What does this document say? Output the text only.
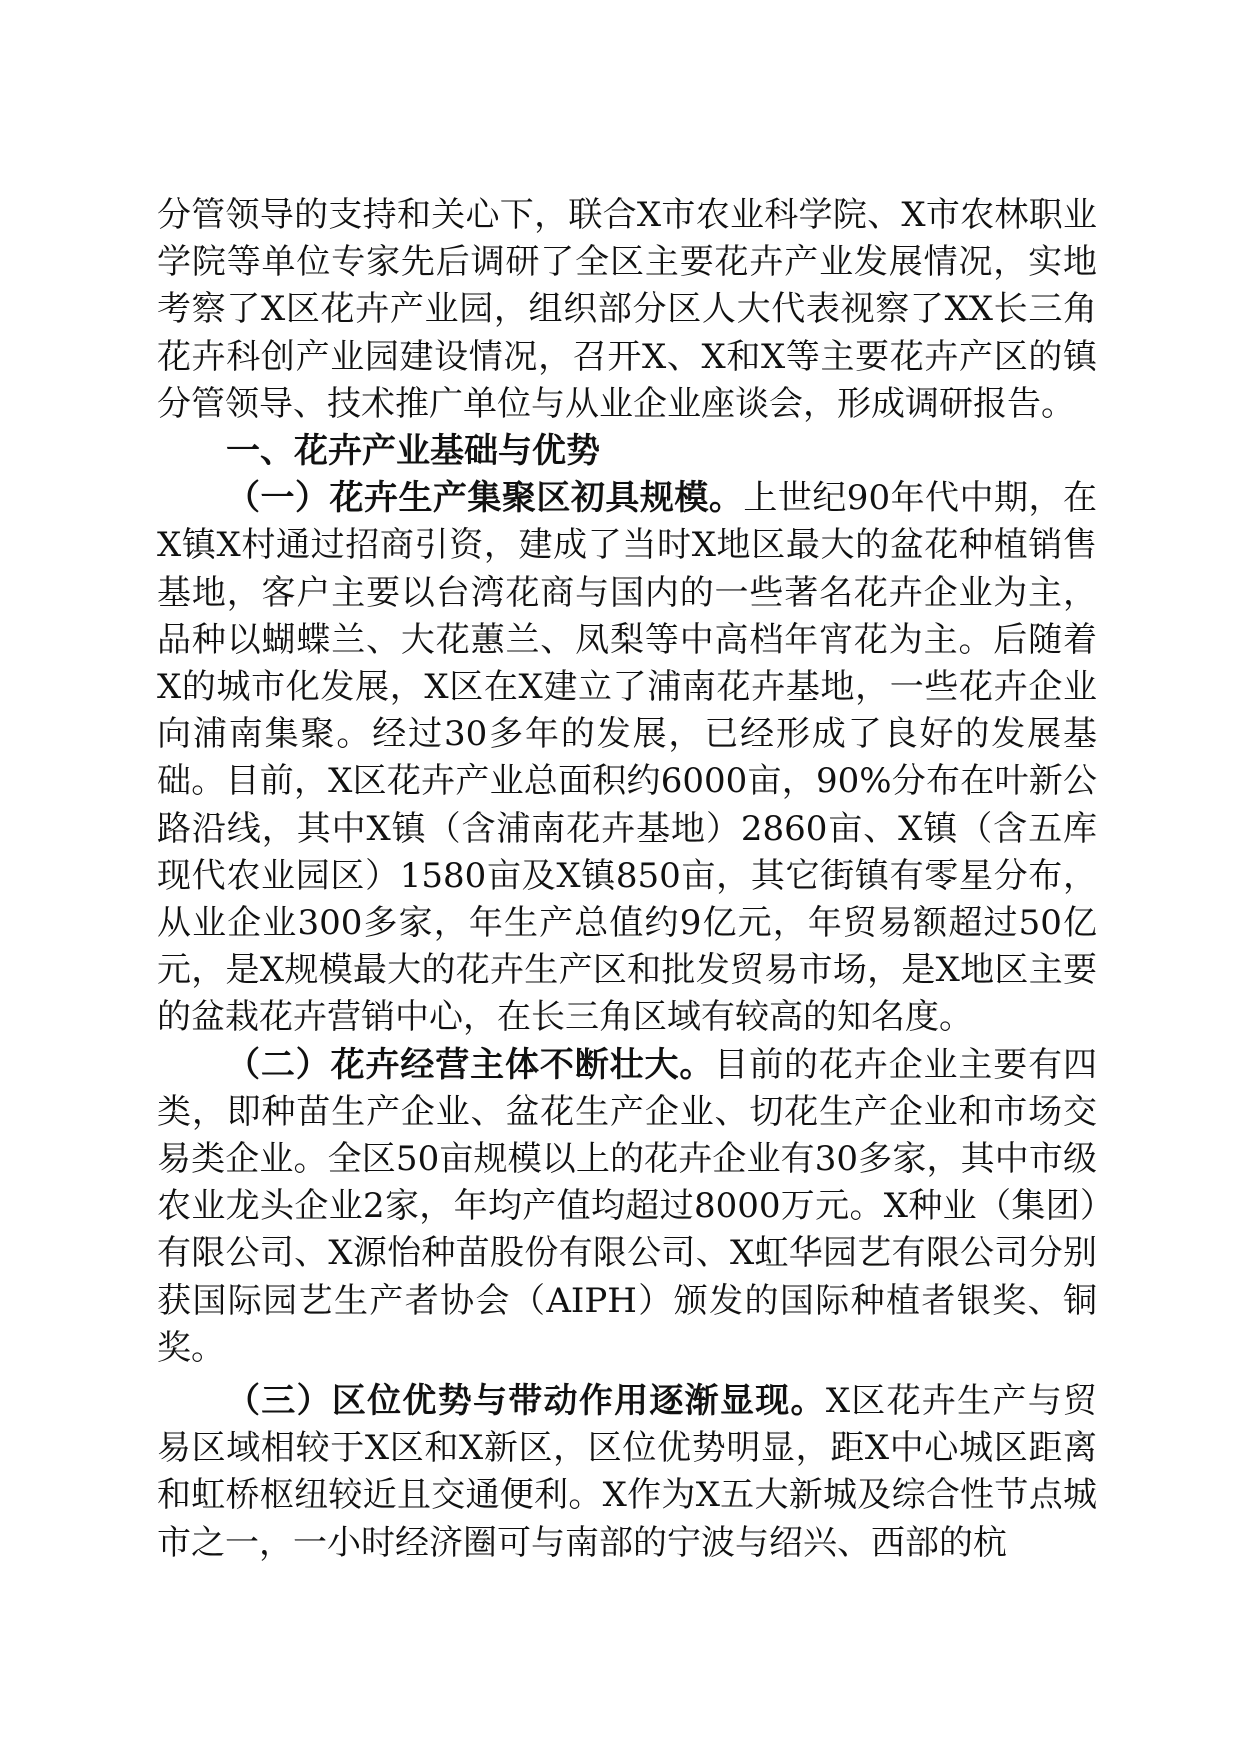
分管领导的支持和关心下，联合X市农业科学院、X市农林职业学院等单位专家先后调研了全区主要花卉产业发展情况，实地考察了X区花卉产业园，组织部分区人大代表视察了XX长三角花卉科创产业园建设情况，召开X、X和X等主要花卉产区的镇分管领导、技术推广单位与从业企业座谈会，形成调研报告。

一、花卉产业基础与优势

（一）花卉生产集聚区初具规模。上世纪90年代中期，在X镇X村通过招商引资，建成了当时X地区最大的盆花种植销售基地，客户主要以台湾花商与国内的一些著名花卉企业为主，品种以蝴蝶兰、大花蕙兰、凤梨等中高档年宵花为主。后随着X的城市化发展，X区在X建立了浦南花卉基地，一些花卉企业向浦南集聚。经过30多年的发展，已经形成了良好的发展基础。目前，X区花卉产业总面积约6000亩，90%分布在叶新公路沿线，其中X镇（含浦南花卉基地）2860亩、X镇（含五库现代农业园区）1580亩及X镇850亩，其它街镇有零星分布，从业企业300多家，年生产总值约9亿元，年贸易额超过50亿元，是X规模最大的花卉生产区和批发贸易市场，是X地区主要的盆栽花卉营销中心，在长三角区域有较高的知名度。

（二）花卉经营主体不断壮大。目前的花卉企业主要有四类，即种苗生产企业、盆花生产企业、切花生产企业和市场交易类企业。全区50亩规模以上的花卉企业有30多家，其中市级农业龙头企业2家，年均产值均超过8000万元。X种业（集团）有限公司、X源怡种苗股份有限公司、X虹华园艺有限公司分别获国际园艺生产者协会（AIPH）颁发的国际种植者银奖、铜奖。

（三）区位优势与带动作用逐渐显现。X区花卉生产与贸易区域相较于X区和X新区，区位优势明显，距X中心城区距离和虹桥枢纽较近且交通便利。X作为X五大新城及综合性节点城市之一，一小时经济圈可与南部的宁波与绍兴、西部的杭
